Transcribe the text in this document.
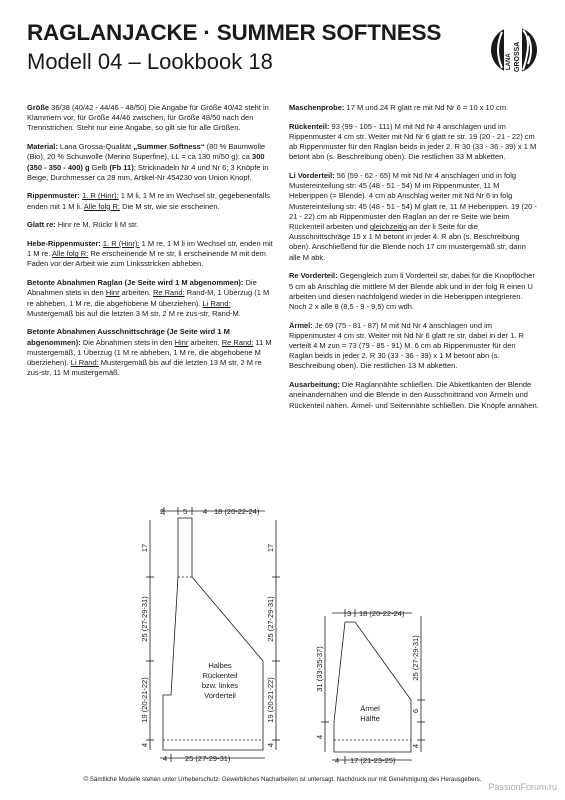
RAGLANJACKE · SUMMER SOFTNESS
Modell 04 – Lookbook 18	LANA GROSSA

Größe 36/38 (40/42 - 44/46 - 48/50) Die Angabe für Größe 40/42 steht in Klammern vor, für Größe 44/46 zwischen, für Größe 48/50 nach den Trennstrichen. Steht nur eine Angabe, so gilt sie für alle Größen.

Material: Lana Grossa-Qualität „Summer Softness“ (80 % Baumwolle (Bio), 20 % Schurwolle (Merino Superfine), LL = ca 130 m/50 g): ca 300 (350 - 350 - 400) g Gelb (Fb 11); Stricknadeln Nr 4 und Nr 6; 3 Knöpfe in Beige, Durchmesser ca 28 mm, Artikel-Nr 454230 von Union Knopf.

Rippenmuster: 1. R (Hinr): 1 M li, 1 M re im Wechsel str, gegebenenfalls enden mit 1 M li. Alle folg R: Die M str, wie sie erscheinen.

Glatt re: Hinr re M, Rückr li M str.

Hebe-Rippenmuster: 1. R (Hinr): 1 M re, 1 M li im Wechsel str, enden mit 1 M re. Alle folg R: Re erscheinende M re str, li erscheinende M mit dem Faden vor der Arbeit wie zum Linksstricken abheben.

Betonte Abnahmen Raglan (Je Seite wird 1 M abgenommen): Die Abnahmen stets in den Hinr arbeiten. Re Rand: Rand-M, 1 Überzug (1 M re abheben, 1 M re, die abgehobene M überziehen). Li Rand: Mustergemäß bis auf die letzten 3 M str, 2 M re zus-str, Rand-M.

Betonte Abnahmen Ausschnittschräge (Je Seite wird 1 M abgenommen): Die Abnahmen stets in den Hinr arbeiten. Re Rand: 11 M mustergemäß, 1 Überzug (1 M re abheben, 1 M re, die abgehobene M überziehen). Li Rand: Mustergemäß bis auf die letzten 13 M str, 2 M re zus-str, 11 M mustergemäß.

Maschenprobe: 17 M und 24 R glatt re mit Nd Nr 6 = 10 x 10 cm.

Rückenteil: 93 (99 - 105 - 111) M mit Nd Nr 4 anschlagen und im Rippenmuster 4 cm str. Weiter mit Nd Nr 6 glatt re str. 19 (20 - 21 - 22) cm ab Rippenmuster für den Raglan beids in jeder 2. R 30 (33 - 36 - 39) x 1 M betont abn (s. Beschreibung oben). Die restlichen 33 M abketten.

Li Vorderteil: 56 (59 - 62 - 65) M mit Nd Nr 4 anschlagen und in folg Mustereinteilung str: 45 (48 - 51 - 54) M im Rippenmuster, 11 M Heberippen (= Blende). 4 cm ab Anschlag weiter mit Nd Nr 6 in folg Mustereinteilung str: 45 (48 - 51 - 54) M glatt re, 11 M Heberippen. 19 (20 - 21 - 22) cm ab Rippenmuster den Raglan an der re Seite wie beim Rückenteil arbeiten und gleichzeitig an der li Seite für die Ausschnittschräge 15 x 1 M betont in jeder 4. R abn (s. Beschreibung oben). Anschließend für die Blende noch 17 cm mustergemäß str, dann alle M abk.

Re Vorderteil: Gegengleich zum li Vorderteil str, dabei für die Knopflöcher 5 cm ab Anschlag die mittlere M der Blende abk und in der folg R einen U arbeiten und diesen nachfolgend wieder in die Heberippen integrieren. Noch 2 x alle 8 (8,5 - 9 - 9,5) cm wdh.

Ärmel: Je 69 (75 - 81 - 87) M mit Nd Nr 4 anschlagen und im Rippenmuster 4 cm str. Weiter mit Nd Nr 6 glatt re str, dabei in der 1. R verteilt 4 M zun = 73 (79 - 85 - 91) M. 6 cm ab Rippenmuster für den Raglan beids in jeder 2. R 30 (33 - 36 - 39) x 1 M betont abn (s. Beschreibung oben). Die restlichen 13 M abketten.

Ausarbeitung: Die Raglannähte schließen. Die Abkettkanten der Blende aneinandernähen und die Blende in den Ausschnittrand von Ärmeln und Rückenteil nähen. Ärmel- und Seitennähte schließen. Die Knöpfe annähen.

2	5 4 18 (20-22-24)
17
25 (27-29-31)
19 (20-21-22)
4
17
25 (27-29-31)
19 (20-21-22)
4
4 25 (27-29-31)
Halbes
Rückenteil
bzw. linkes
Vorderteil
3 18 (20-22-24)
31 (33-35-37)
4
25 (27-29-31)
6
4
4 17 (21-23-25)
Ärmel
Hälfte
© Sämtliche Modelle stehen unter Urheberschutz. Gewerbliches Nacharbeiten ist untersagt. Nachdruck nur mit Genehmigung des Herausgebers.
PassionForum.ru
